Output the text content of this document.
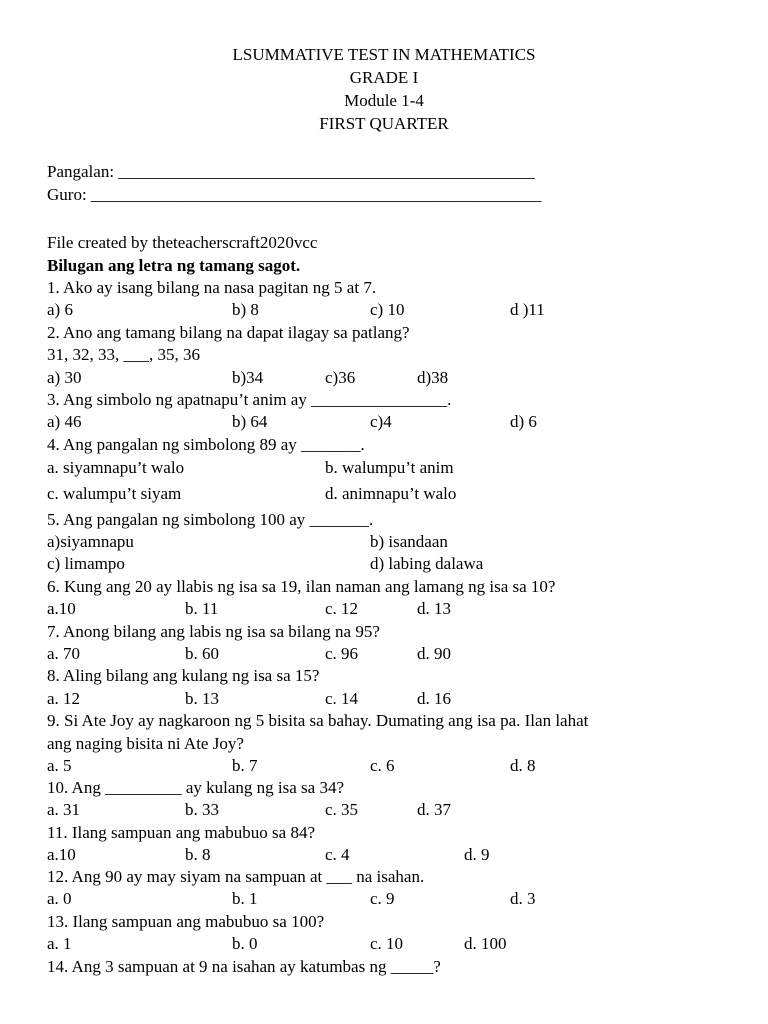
LSUMMATIVE TEST IN MATHEMATICS
GRADE I
Module 1-4
FIRST QUARTER
Pangalan: _________________________________________________
Guro: _____________________________________________________
File created by theteacherscraft2020vcc
Bilugan ang letra ng tamang sagot.
1. Ako ay isang bilang na nasa pagitan ng 5 at 7.
a) 6	b) 8	c) 10	d )11
2. Ano ang tamang bilang na dapat ilagay sa patlang?
31, 32, 33, ___, 35, 36
a) 30	b)34	c)36	d)38
3. Ang simbolo ng apatnapu’t anim ay ________________.
a) 46	b) 64	c)4	d) 6
4. Ang pangalan ng simbolong 89 ay _______.
a. siyamnapu’t walo	b. walumpu’t anim
c. walumpu’t siyam	d. animnapu’t walo
5. Ang pangalan ng simbolong 100 ay _______.
a)siyamnapu	b) isandaan
c) limampo	d) labing dalawa
6. Kung ang 20 ay llabis ng isa sa 19, ilan naman ang lamang ng isa sa 10?
a.10	b. 11	c. 12	d. 13
7. Anong bilang ang labis ng isa sa bilang na 95?
a. 70	b. 60	c. 96	d. 90
8. Aling bilang ang kulang ng isa sa 15?
a. 12	b. 13	c. 14	d. 16
9. Si Ate Joy ay nagkaroon ng 5 bisita sa bahay. Dumating ang isa pa. Ilan lahat
ang naging bisita ni Ate Joy?
a. 5	b. 7	c. 6	d. 8
10. Ang _________ ay kulang ng isa sa 34?
a. 31	b. 33	c. 35	d. 37
11. Ilang sampuan ang mabubuo sa 84?
a.10	b. 8	c. 4	d. 9
12. Ang 90 ay may siyam na sampuan at ___ na isahan.
a. 0	b. 1	c. 9	d. 3
13. Ilang sampuan ang mabubuo sa 100?
a. 1	b. 0	c. 10	d. 100
14. Ang 3 sampuan at 9 na isahan ay katumbas ng _____?
